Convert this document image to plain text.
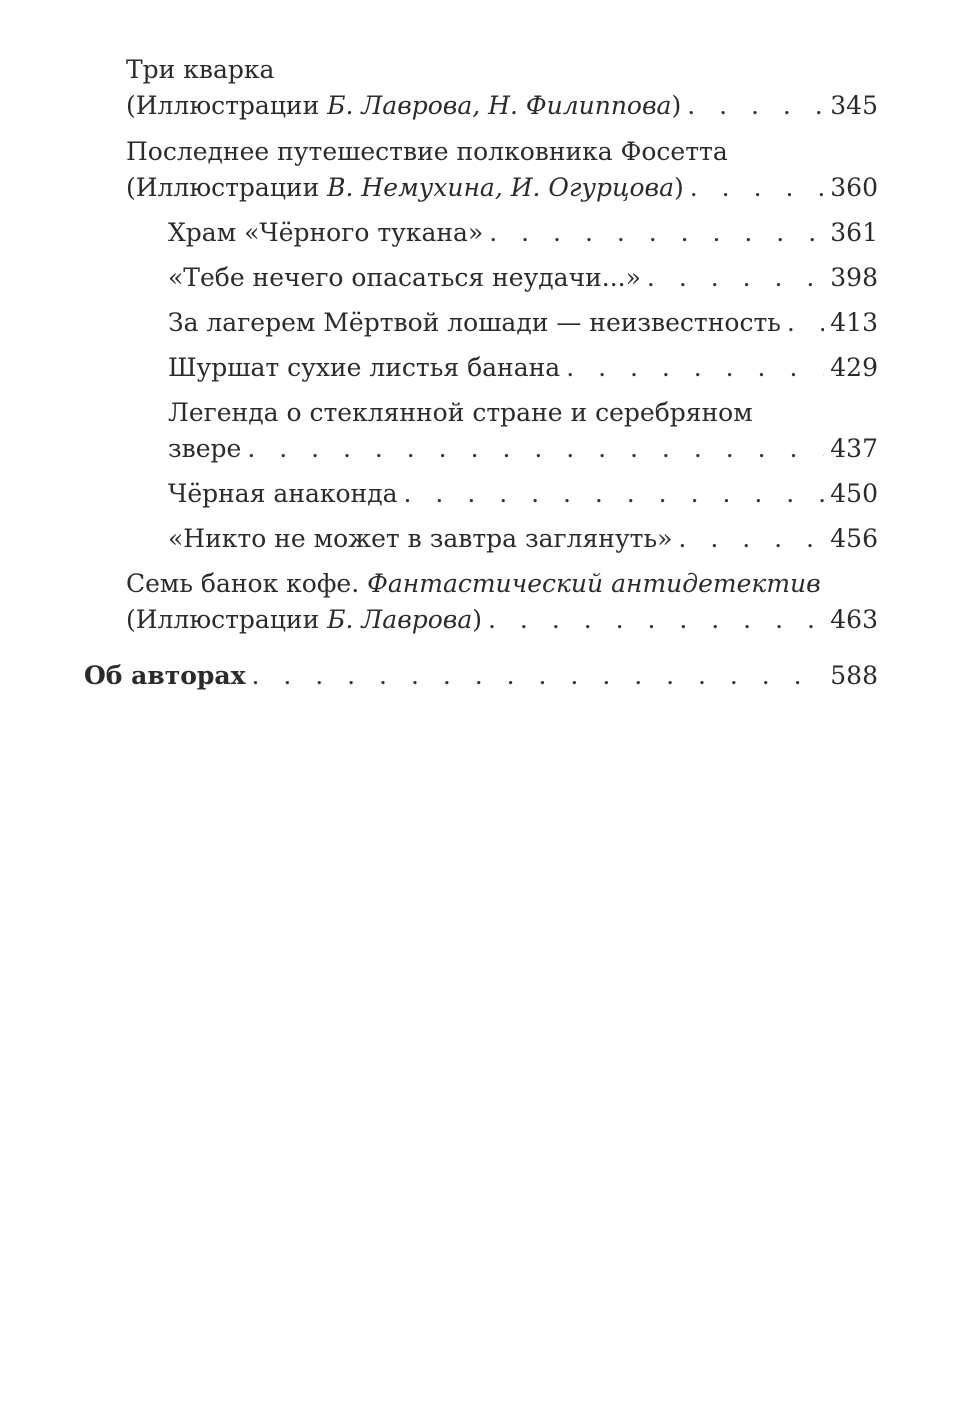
Три кварка
(Иллюстрации Б. Лаврова, Н. Филиппова) . . .	345
Последнее путешествие полковника Фосетта
(Иллюстрации В. Немухина, И. Огурцова) . . .	360
Храм «Чёрного тукана» . . .	361
«Тебе нечего опасаться неудачи...» . . .	398
За лагерем Мёртвой лошади — неизвестность . . . 413
Шуршат сухие листья банана . . .	429
Легенда о стеклянной стране и серебряном
звере . . .	437
Чёрная анаконда . . .	450
«Никто не может в завтра заглянуть» . . .	456
Семь банок кофе. Фантастический антидетектив
(Иллюстрации Б. Лаврова) . . .	463
Об авторах . . .	588
